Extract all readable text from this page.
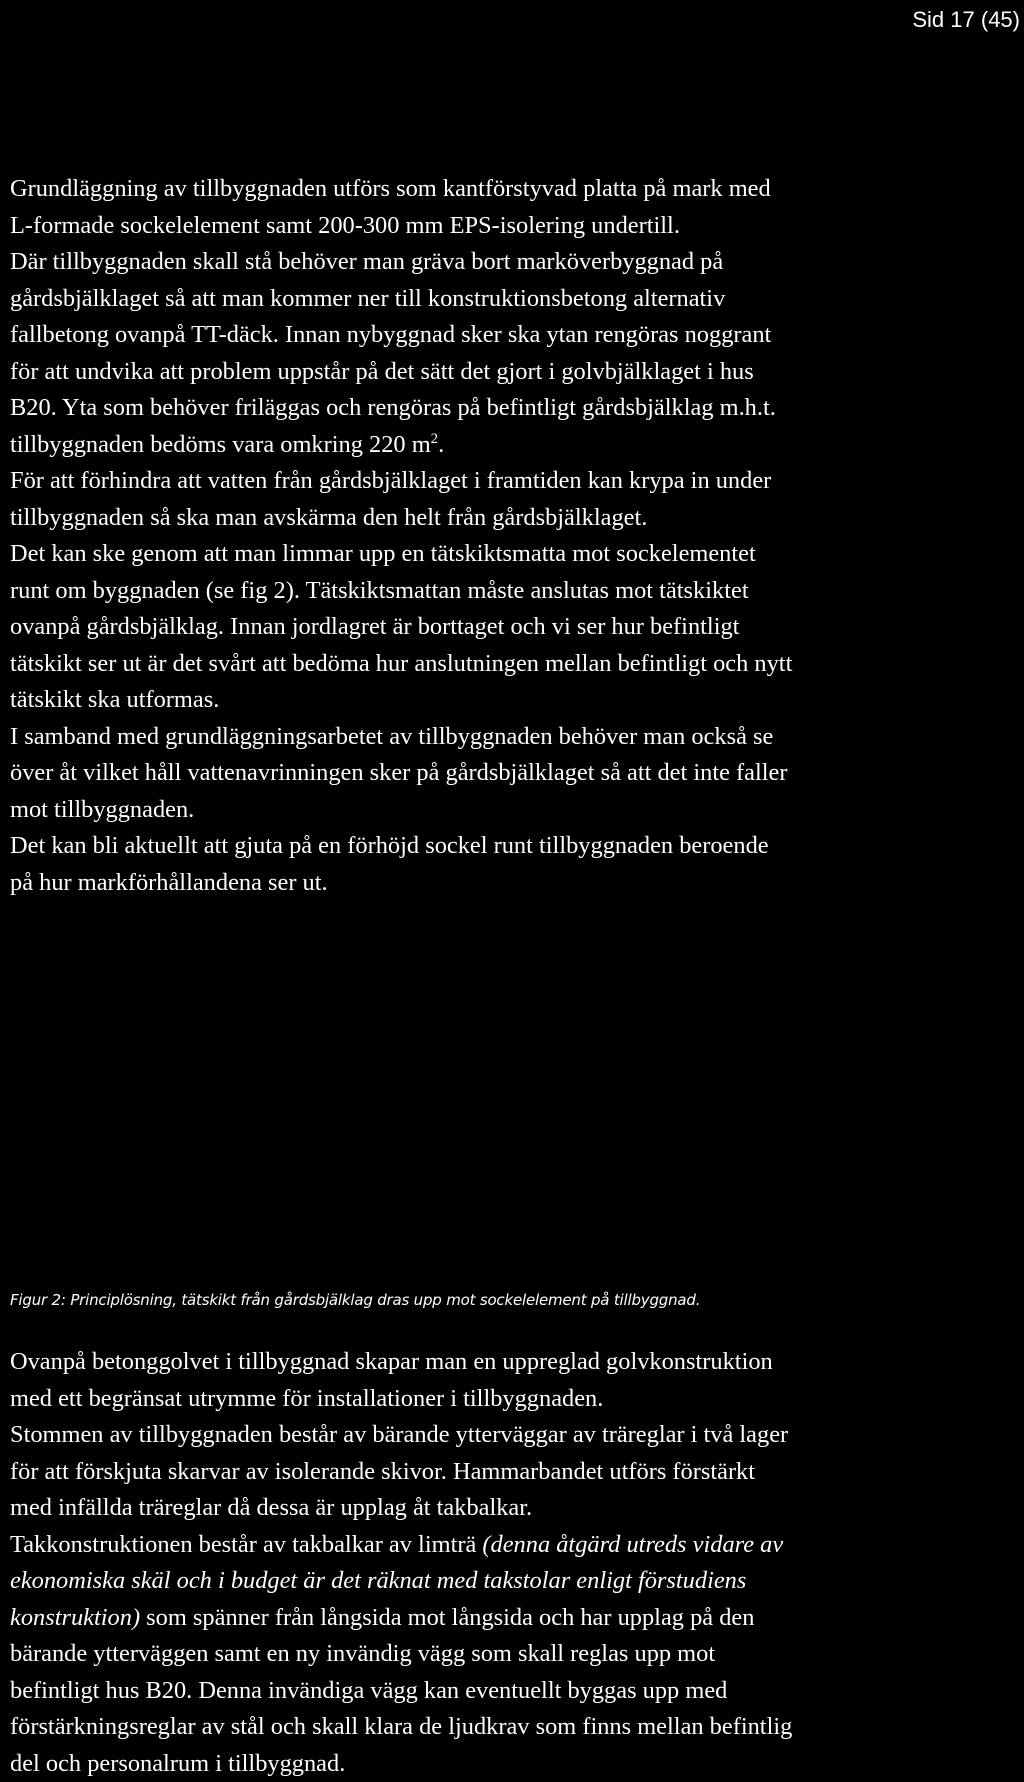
Sid 17 (45)

Grundläggning av tillbyggnaden utförs som kantförstyvad platta på mark med
L-formade sockelelement samt 200-300 mm EPS-isolering undertill.
Där tillbyggnaden skall stå behöver man gräva bort marköverbyggnad på
gårdsbjälklaget så att man kommer ner till konstruktionsbetong alternativ
fallbetong ovanpå TT-däck. Innan nybyggnad sker ska ytan rengöras noggrant
för att undvika att problem uppstår på det sätt det gjort i golvbjälklaget i hus
B20. Yta som behöver friläggas och rengöras på befintligt gårdsbjälklag m.h.t.
tillbyggnaden bedöms vara omkring 220 $m^2$.
För att förhindra att vatten från gårdsbjälklaget i framtiden kan krypa in under
tillbyggnaden så ska man avskärma den helt från gårdsbjälklaget.
Det kan ske genom att man limmar upp en tätskiktsmatta mot sockelementet
runt om byggnaden (se fig 2). Tätskiktsmattan måste anslutas mot tätskiktet
ovanpå gårdsbjälklag. Innan jordlagret är borttaget och vi ser hur befintligt
tätskikt ser ut är det svårt att bedöma hur anslutningen mellan befintligt och nytt
tätskikt ska utformas.
I samband med grundläggningsarbetet av tillbyggnaden behöver man också se
över åt vilket håll vattenavrinningen sker på gårdsbjälklaget så att det inte faller
mot tillbyggnaden.
Det kan bli aktuellt att gjuta på en förhöjd sockel runt tillbyggnaden beroende
på hur markförhållandena ser ut.

Figur 2: Principlösning, tätskikt från gårdsbjälklag dras upp mot sockelelement på tillbyggnad.

Ovanpå betonggolvet i tillbyggnad skapar man en uppreglad golvkonstruktion
med ett begränsat utrymme för installationer i tillbyggnaden.
Stommen av tillbyggnaden består av bärande ytterväggar av träreglar i två lager
för att förskjuta skarvar av isolerande skivor. Hammarbandet utförs förstärkt
med infällda träreglar då dessa är upplag åt takbalkar.
Takkonstruktionen består av takbalkar av limträ (denna åtgärd utreds vidare av
ekonomiska skäl och i budget är det räknat med takstolar enligt förstudiens
konstruktion) som spänner från långsida mot långsida och har upplag på den
bärande ytterväggen samt en ny invändig vägg som skall reglas upp mot
befintligt hus B20. Denna invändiga vägg kan eventuellt byggas upp med
förstärkningsreglar av stål och skall klara de ljudkrav som finns mellan befintlig
del och personalrum i tillbyggnad.
